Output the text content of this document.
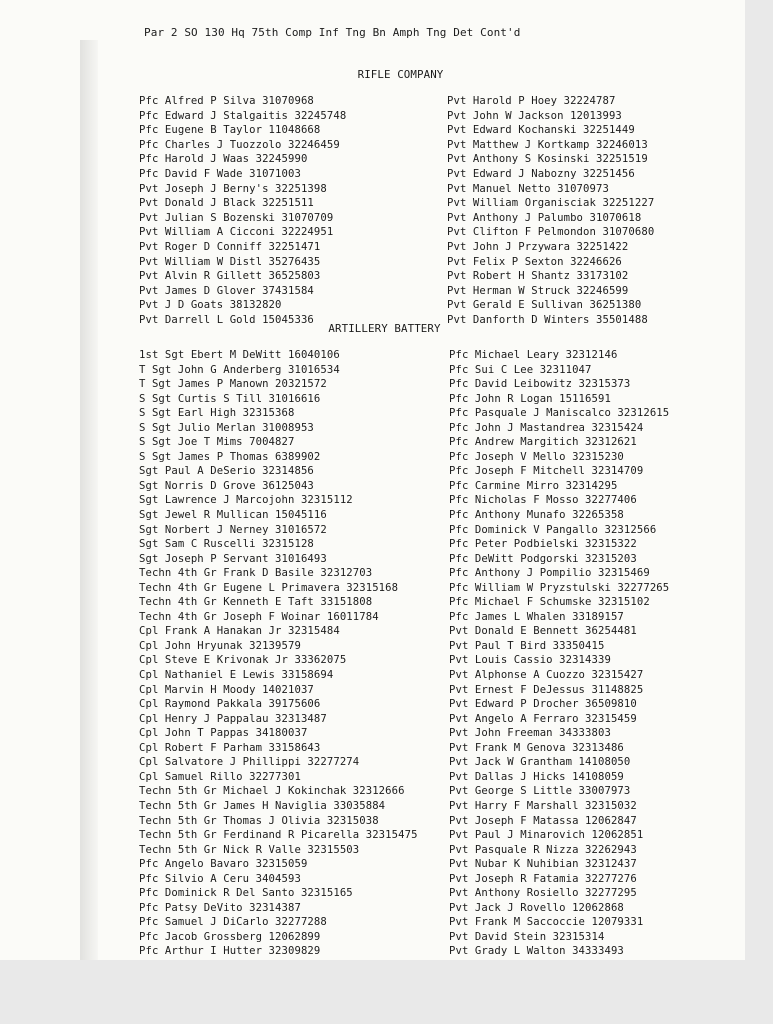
Par 2 SO 130 Hq 75th Comp Inf Tng Bn Amph Tng Det Cont'd
RIFLE COMPANY
Pfc Alfred P Silva 31070968
Pfc Edward J Stalgaitis 32245748
Pfc Eugene B Taylor 11048668
Pfc Charles J Tuozzolo 32246459
Pfc Harold J Waas 32245990
Pfc David F Wade 31071003
Pvt Joseph J Berny's 32251398
Pvt Donald J Black 32251511
Pvt Julian S Bozenski 31070709
Pvt William A Cicconi 32224951
Pvt Roger D Conniff 32251471
Pvt William W Distl 35276435
Pvt Alvin R Gillett 36525803
Pvt James D Glover 37431584
Pvt J D Goats 38132820
Pvt Darrell L Gold 15045336
Pvt Harold P Hoey 32224787
Pvt John W Jackson 12013993
Pvt Edward Kochanski 32251449
Pvt Matthew J Kortkamp 32246013
Pvt Anthony S Kosinski 32251519
Pvt Edward J Nabozny 32251456
Pvt Manuel Netto 31070973
Pvt William Organisciak 32251227
Pvt Anthony J Palumbo 31070618
Pvt Clifton F Pelmondon 31070680
Pvt John J Przywara 32251422
Pvt Felix P Sexton 32246626
Pvt Robert H Shantz 33173102
Pvt Herman W Struck 32246599
Pvt Gerald E Sullivan 36251380
Pvt Danforth D Winters 35501488
ARTILLERY BATTERY
1st Sgt Ebert M DeWitt 16040106
T Sgt John G Anderberg 31016534
T Sgt James P Manown 20321572
S Sgt Curtis S Till 31016616
S Sgt Earl High 32315368
S Sgt Julio Merlan 31008953
S Sgt Joe T Mims 7004827
S Sgt James P Thomas 6389902
Sgt Paul A DeSerio 32314856
Sgt Norris D Grove 36125043
Sgt Lawrence J Marcojohn 32315112
Sgt Jewel R Mullican 15045116
Sgt Norbert J Nerney 31016572
Sgt Sam C Ruscelli 32315128
Sgt Joseph P Servant 31016493
Techn 4th Gr Frank D Basile 32312703
Techn 4th Gr Eugene L Primavera 32315168
Techn 4th Gr Kenneth E Taft 33151808
Techn 4th Gr Joseph F Woinar 16011784
Cpl Frank A Hanakan Jr 32315484
Cpl John Hryunak 32139579
Cpl Steve E Krivonak Jr 33362075
Cpl Nathaniel E Lewis 33158694
Cpl Marvin H Moody 14021037
Cpl Raymond Pakkala 39175606
Cpl Henry J Pappalau 32313487
Cpl John T Pappas 34180037
Cpl Robert F Parham 33158643
Cpl Salvatore J Phillippi 32277274
Cpl Samuel Rillo 32277301
Techn 5th Gr Michael J Kokinchak 32312666
Techn 5th Gr James H Naviglia 33035884
Techn 5th Gr Thomas J Olivia 32315038
Techn 5th Gr Ferdinand R Picarella 32315475
Techn 5th Gr Nick R Valle 32315503
Pfc Angelo Bavaro 32315059
Pfc Silvio A Ceru 3404593
Pfc Dominick R Del Santo 32315165
Pfc Patsy DeVito 32314387
Pfc Samuel J DiCarlo 32277288
Pfc Jacob Grossberg 12062899
Pfc Arthur I Hutter 32309829
Pfc Michael Leary 32312146
Pfc Sui C Lee 32311047
Pfc David Leibowitz 32315373
Pfc John R Logan 15116591
Pfc Pasquale J Maniscalco 32312615
Pfc John J Mastandrea 32315424
Pfc Andrew Margitich 32312621
Pfc Joseph V Mello 32315230
Pfc Joseph F Mitchell 32314709
Pfc Carmine Mirro 32314295
Pfc Nicholas F Mosso 32277406
Pfc Anthony Munafo 32265358
Pfc Dominick V Pangallo 32312566
Pfc Peter Podbielski 32315322
Pfc DeWitt Podgorski 32315203
Pfc Anthony J Pompilio 32315469
Pfc William W Pryzstulski 32277265
Pfc Michael F Schumske 32315102
Pfc James L Whalen 33189157
Pvt Donald E Bennett 36254481
Pvt Paul T Bird 33350415
Pvt Louis Cassio 32314339
Pvt Alphonse A Cuozzo 32315427
Pvt Ernest F DeJessus 31148825
Pvt Edward P Drocher 36509810
Pvt Angelo A Ferraro 32315459
Pvt John Freeman 34333803
Pvt Frank M Genova 32313486
Pvt Jack W Grantham 14108050
Pvt Dallas J Hicks 14108059
Pvt George S Little 33007973
Pvt Harry F Marshall 32315032
Pvt Joseph F Matassa 12062847
Pvt Paul J Minarovich 12062851
Pvt Pasquale R Nizza 32262943
Pvt Nubar K Nuhibian 32312437
Pvt Joseph R Fatamia 32277276
Pvt Anthony Rosiello 32277295
Pvt Jack J Rovello 12062868
Pvt Frank M Saccoccie 12079331
Pvt David Stein 32315314
Pvt Grady L Walton 34333493
